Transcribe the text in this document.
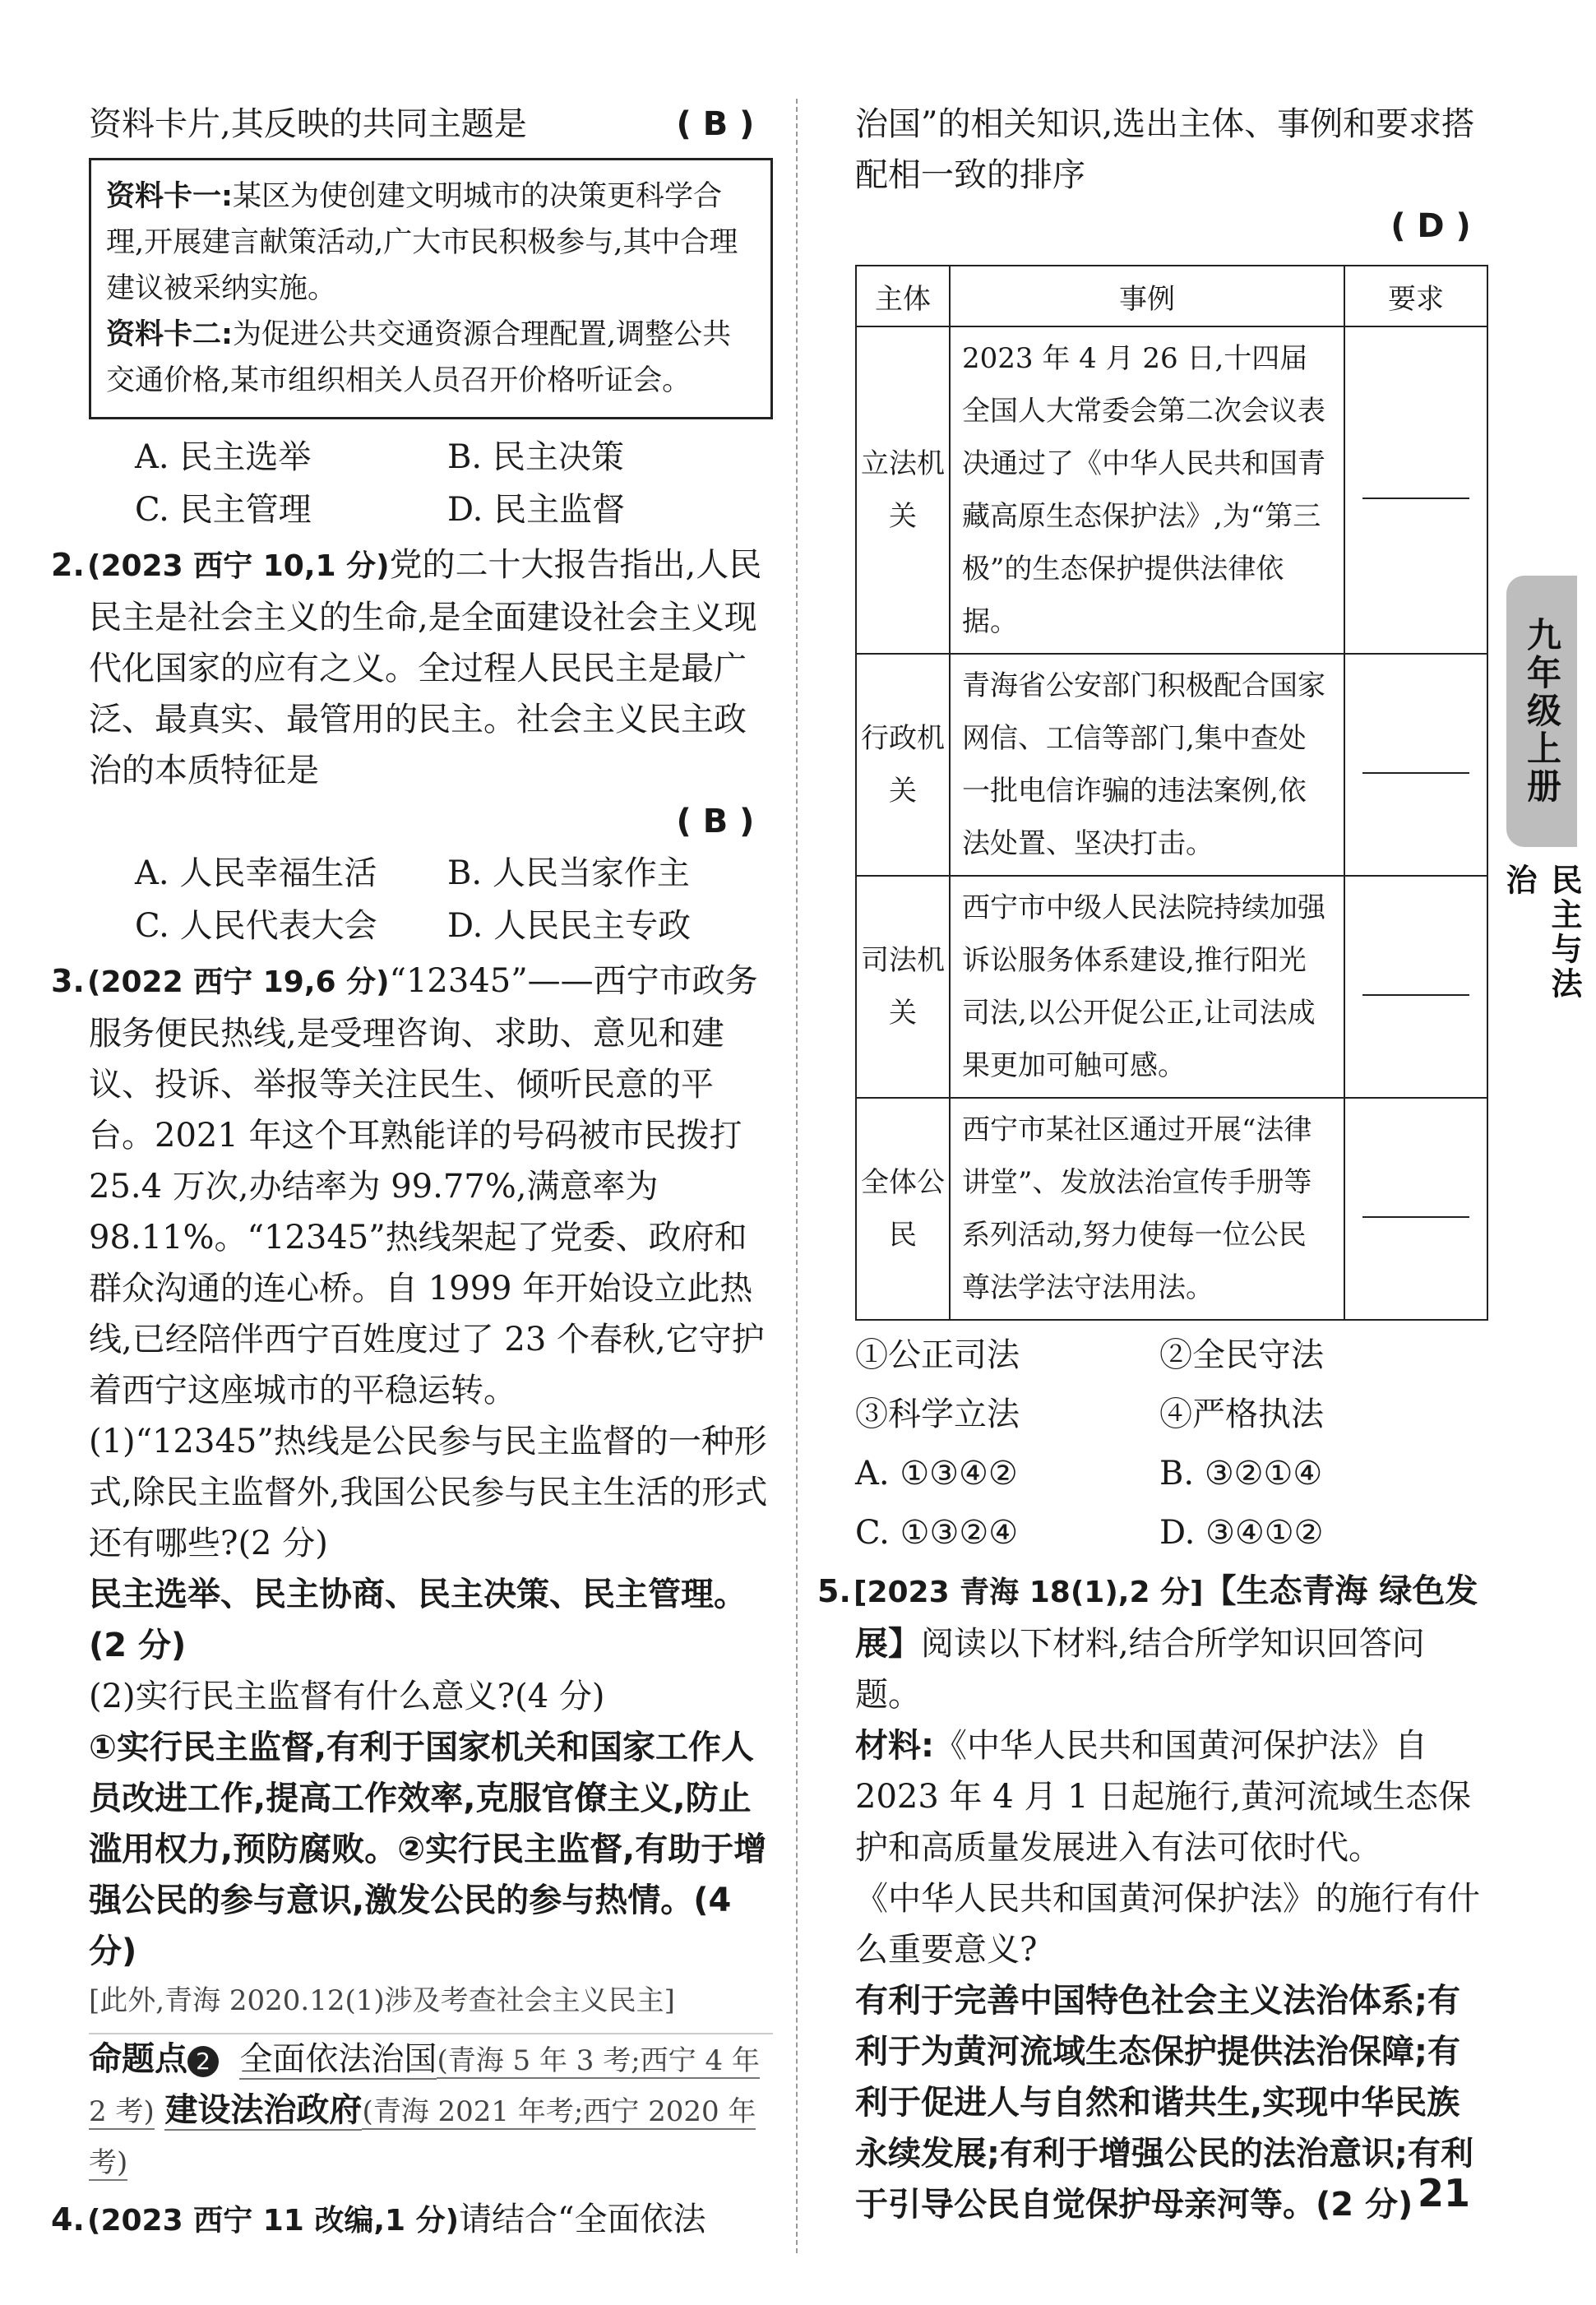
资料卡片,其反映的共同主题是	( B )

资料卡一:某区为使创建文明城市的决策更科学合理,开展建言献策活动,广大市民积极参与,其中合理建议被采纳实施。

资料卡二:为促进公共交通资源合理配置,调整公共交通价格,某市组织相关人员召开价格听证会。

A. 民主选举	B. 民主决策
C. 民主管理	D. 民主监督
2.(2023 西宁 10,1 分)党的二十大报告指出,人民民主是社会主义的生命,是全面建设社会主义现代化国家的应有之义。全过程人民民主是最广泛、最真实、最管用的民主。社会主义民主政治的本质特征是
( B )
A. 人民幸福生活	B. 人民当家作主
C. 人民代表大会	D. 人民民主专政
3.(2022 西宁 19,6 分)“12345”——西宁市政务服务便民热线,是受理咨询、求助、意见和建议、投诉、举报等关注民生、倾听民意的平台。2021 年这个耳熟能详的号码被市民拨打 25.4 万次,办结率为 99.77%,满意率为 98.11%。“12345”热线架起了党委、政府和群众沟通的连心桥。自 1999 年开始设立此热线,已经陪伴西宁百姓度过了 23 个春秋,它守护着西宁这座城市的平稳运转。
(1)“12345”热线是公民参与民主监督的一种形式,除民主监督外,我国公民参与民主生活的形式还有哪些?(2 分)
民主选举、民主协商、民主决策、民主管理。(2 分)
(2)实行民主监督有什么意义?(4 分)
①实行民主监督,有利于国家机关和国家工作人员改进工作,提高工作效率,克服官僚主义,防止滥用权力,预防腐败。②实行民主监督,有助于增强公民的参与意识,激发公民的参与热情。(4 分)
[此外,青海 2020.12(1)涉及考查社会主义民主]
命题点 2 全面依法治国(青海 5 年 3 考;西宁 4 年 2 考) 建设法治政府(青海 2021 年考;西宁 2020 年考)
4.(2023 西宁 11 改编,1 分)请结合“全面依法
治国”的相关知识,选出主体、事例和要求搭配相一致的排序
( D )
主体	事例	要求
立法机关	2023 年 4 月 26 日,十四届全国人大常委会第二次会议表决通过了《中华人民共和国青藏高原生态保护法》,为“第三极”的生态保护提供法律依据。	
行政机关	青海省公安部门积极配合国家网信、工信等部门,集中查处一批电信诈骗的违法案例,依法处置、坚决打击。	
司法机关	西宁市中级人民法院持续加强诉讼服务体系建设,推行阳光司法,以公开促公正,让司法成果更加可触可感。	
全体公民	西宁市某社区通过开展“法律讲堂”、发放法治宣传手册等系列活动,努力使每一位公民尊法学法守法用法。	
①公正司法	②全民守法
③科学立法	④严格执法
A. ①③④②	B. ③②①④
C. ①③②④	D. ③④①②
5.[2023 青海 18(1),2 分]【生态青海 绿色发展】阅读以下材料,结合所学知识回答问题。
材料:《中华人民共和国黄河保护法》自 2023 年 4 月 1 日起施行,黄河流域生态保护和高质量发展进入有法可依时代。
《中华人民共和国黄河保护法》的施行有什么重要意义?
有利于完善中国特色社会主义法治体系;有利于为黄河流域生态保护提供法治保障;有利于促进人与自然和谐共生,实现中华民族永续发展;有利于增强公民的法治意识;有利于引导公民自觉保护母亲河等。(2 分)
九年级上册
民主与法治
21
